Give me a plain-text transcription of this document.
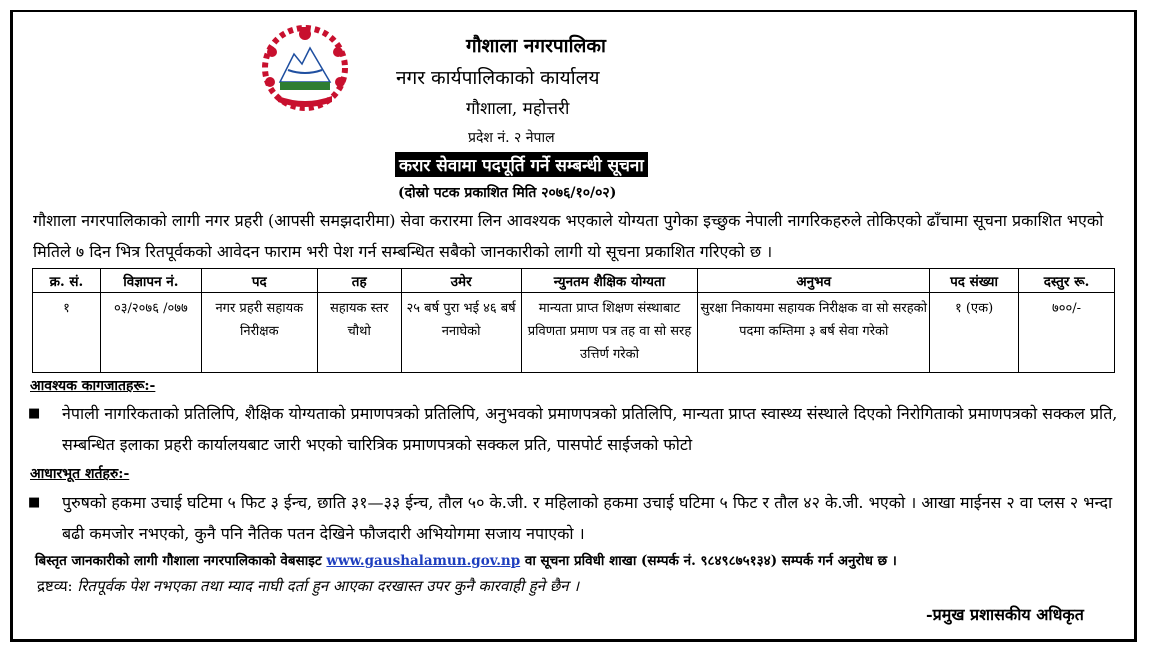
गौशाला नगरपालिका
नगर कार्यपालिकाको कार्यालय
गौशाला, महोत्तरी
प्रदेश नं. २ नेपाल
करार सेवामा पदपूर्ति गर्ने सम्बन्धी सूचना
(दोस्रो पटक प्रकाशित मिति २०७६/१०/०२)
गौशाला नगरपालिकाको लागी नगर प्रहरी (आपसी समझदारीमा) सेवा करारमा लिन आवश्यक भएकाले योग्यता पुगेका इच्छुक नेपाली नागरिकहरुले तोकिएको ढाँचामा सूचना प्रकाशित भएको मितिले ७ दिन भित्र रितपूर्वकको आवेदन फाराम भरी पेश गर्न सम्बन्धित सबैको जानकारीको लागी यो सूचना प्रकाशित गरिएको छ ।
क्र. सं.	विज्ञापन नं.	पद	तह	उमेर	न्युनतम शैक्षिक योग्यता	अनुभव	पद संख्या	दस्तुर रू.
१	०३/२०७६ /०७७	नगर प्रहरी सहायक निरीक्षक	सहायक स्तर चौथो	२५ बर्ष पुरा भई ४६ बर्ष ननाघेको	मान्यता प्राप्त शिक्षण संस्थाबाट प्रविणता प्रमाण पत्र तह वा सो सरह उत्तिर्ण गरेको	सुरक्षा निकायमा सहायक निरीक्षक वा सो सरहको पदमा कम्तिमा ३ बर्ष सेवा गरेको	१ (एक)	७००/-
आवश्यक कागजातहरू:-
■ नेपाली नागरिकताको प्रतिलिपि, शैक्षिक योग्यताको प्रमाणपत्रको प्रतिलिपि, अनुभवको प्रमाणपत्रको प्रतिलिपि, मान्यता प्राप्त स्वास्थ्य संस्थाले दिएको निरोगिताको प्रमाणपत्रको सक्कल प्रति, सम्बन्धित इलाका प्रहरी कार्यालयबाट जारी भएको चारित्रिक प्रमाणपत्रको सक्कल प्रति, पासपोर्ट साईजको फोटो
आधारभूत शर्तहरु:-
■ पुरुषको हकमा उचाई घटिमा ५ फिट ३ ईन्च, छाति ३१—३३ ईन्च, तौल ५० के.जी. र महिलाको हकमा उचाई घटिमा ५ फिट र तौल ४२ के.जी. भएको । आखा माईनस २ वा प्लस २ भन्दा बढी कमजोर नभएको, कुनै पनि नैतिक पतन देखिने फौजदारी अभियोगमा सजाय नपाएको ।
बिस्तृत जानकारीको लागी गौशाला नगरपालिकाको वेबसाइट www.gaushalamun.gov.np वा सूचना प्रविधी शाखा (सम्पर्क नं. ९८४९८७५१३४) सम्पर्क गर्न अनुरोध छ ।
द्रष्टव्य: रितपूर्वक पेश नभएका तथा म्याद नाघी दर्ता हुन आएका दरखास्त उपर कुनै कारवाही हुने छैन ।
-प्रमुख प्रशासकीय अधिकृत
